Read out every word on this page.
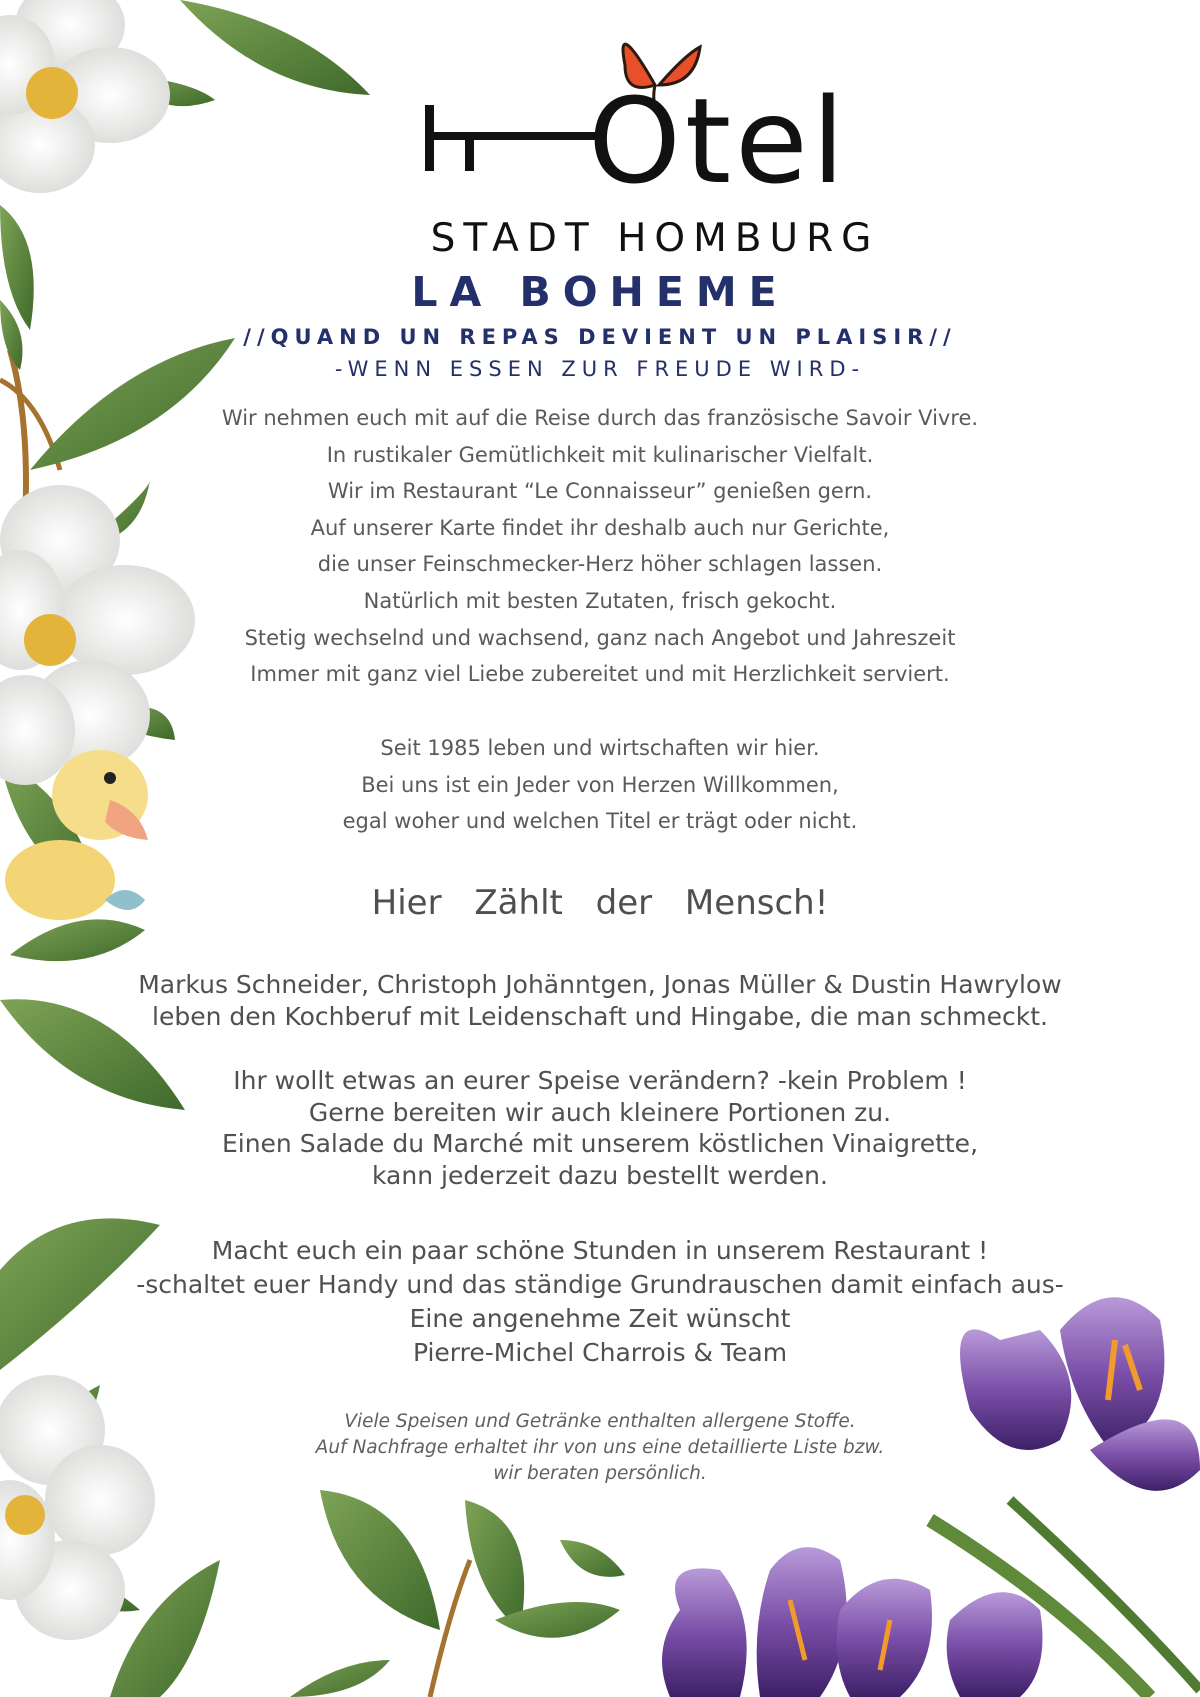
Otel
STADT HOMBURG
LA BOHEME
//QUAND UN REPAS DEVIENT UN PLAISIR//
-WENN ESSEN ZUR FREUDE WIRD-
Wir nehmen euch mit auf die Reise durch das französische Savoir Vivre.
In rustikaler Gemütlichkeit mit kulinarischer Vielfalt.
Wir im Restaurant “Le Connaisseur” genießen gern.
Auf unserer Karte findet ihr deshalb auch nur Gerichte,
die unser Feinschmecker-Herz höher schlagen lassen.
Natürlich mit besten Zutaten, frisch gekocht.
Stetig wechselnd und wachsend, ganz nach Angebot und Jahreszeit
Immer mit ganz viel Liebe zubereitet und mit Herzlichkeit serviert.
Seit 1985 leben und wirtschaften wir hier.
Bei uns ist ein Jeder von Herzen Willkommen,
egal woher und welchen Titel er trägt oder nicht.
Hier Zählt der Mensch!
Markus Schneider, Christoph Johänntgen, Jonas Müller & Dustin Hawrylow
leben den Kochberuf mit Leidenschaft und Hingabe, die man schmeckt.
Ihr wollt etwas an eurer Speise verändern? -kein Problem !
Gerne bereiten wir auch kleinere Portionen zu.
Einen Salade du Marché mit unserem köstlichen Vinaigrette,
kann jederzeit dazu bestellt werden.
Macht euch ein paar schöne Stunden in unserem Restaurant !
-schaltet euer Handy und das ständige Grundrauschen damit einfach aus-
Eine angenehme Zeit wünscht
Pierre-Michel Charrois & Team
Viele Speisen und Getränke enthalten allergene Stoffe.
Auf Nachfrage erhaltet ihr von uns eine detaillierte Liste bzw.
wir beraten persönlich.
